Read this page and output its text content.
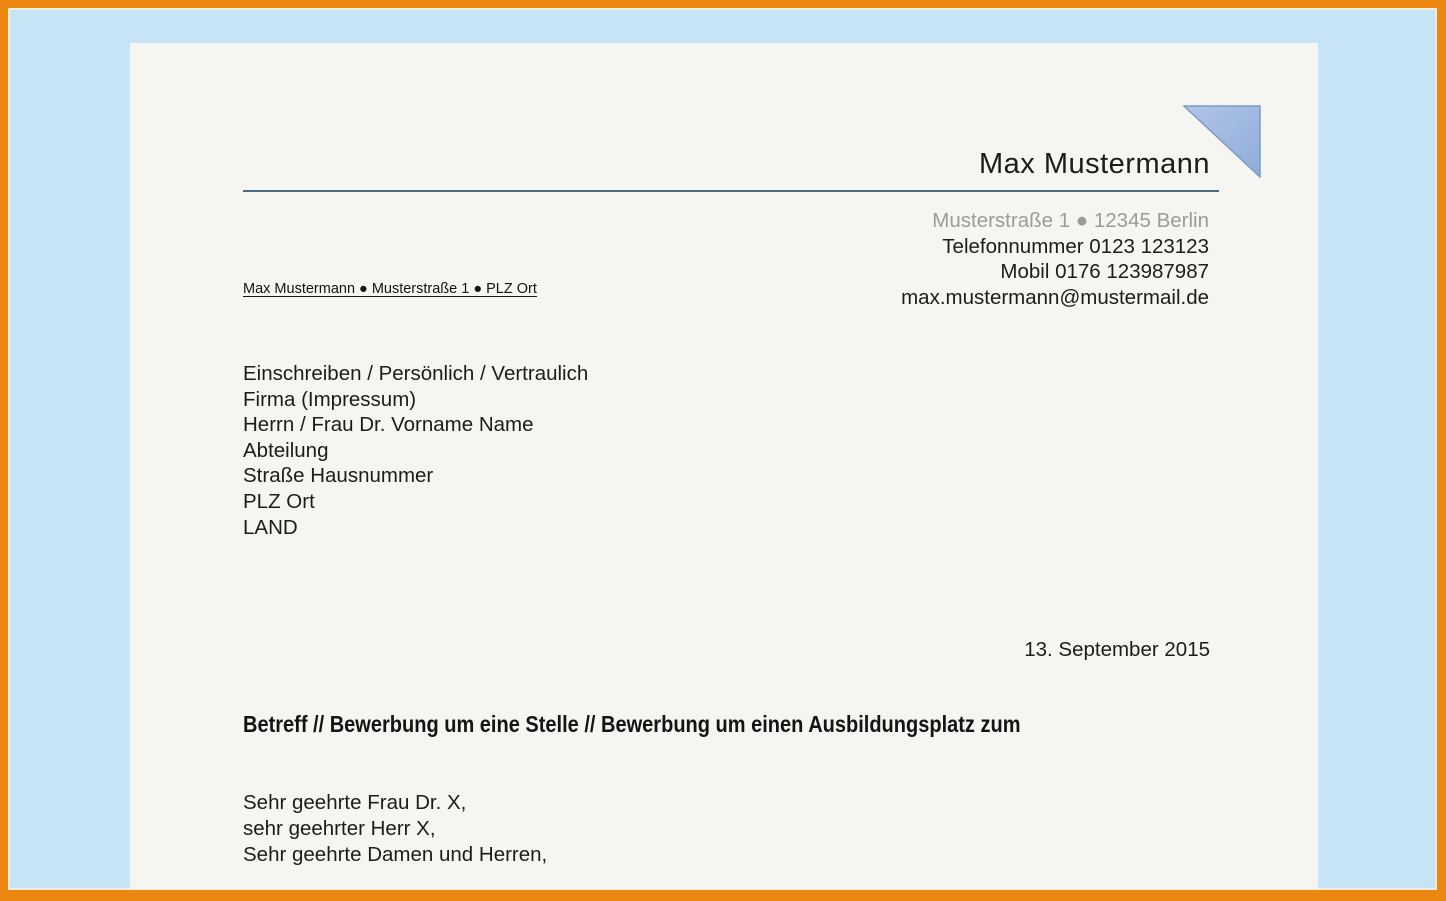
Max Mustermann
Musterstraße 1 ● 12345 Berlin
Telefonnummer 0123 123123
Mobil 0176 123987987
max.mustermann@mustermail.de
Max Mustermann ● Musterstraße 1 ● PLZ Ort
Einschreiben / Persönlich / Vertraulich
Firma (Impressum)
Herrn / Frau Dr. Vorname Name
Abteilung
Straße Hausnummer
PLZ Ort
LAND
13. September 2015
Betreff // Bewerbung um eine Stelle // Bewerbung um einen Ausbildungsplatz zum
Sehr geehrte Frau Dr. X,
sehr geehrter Herr X,
Sehr geehrte Damen und Herren,
